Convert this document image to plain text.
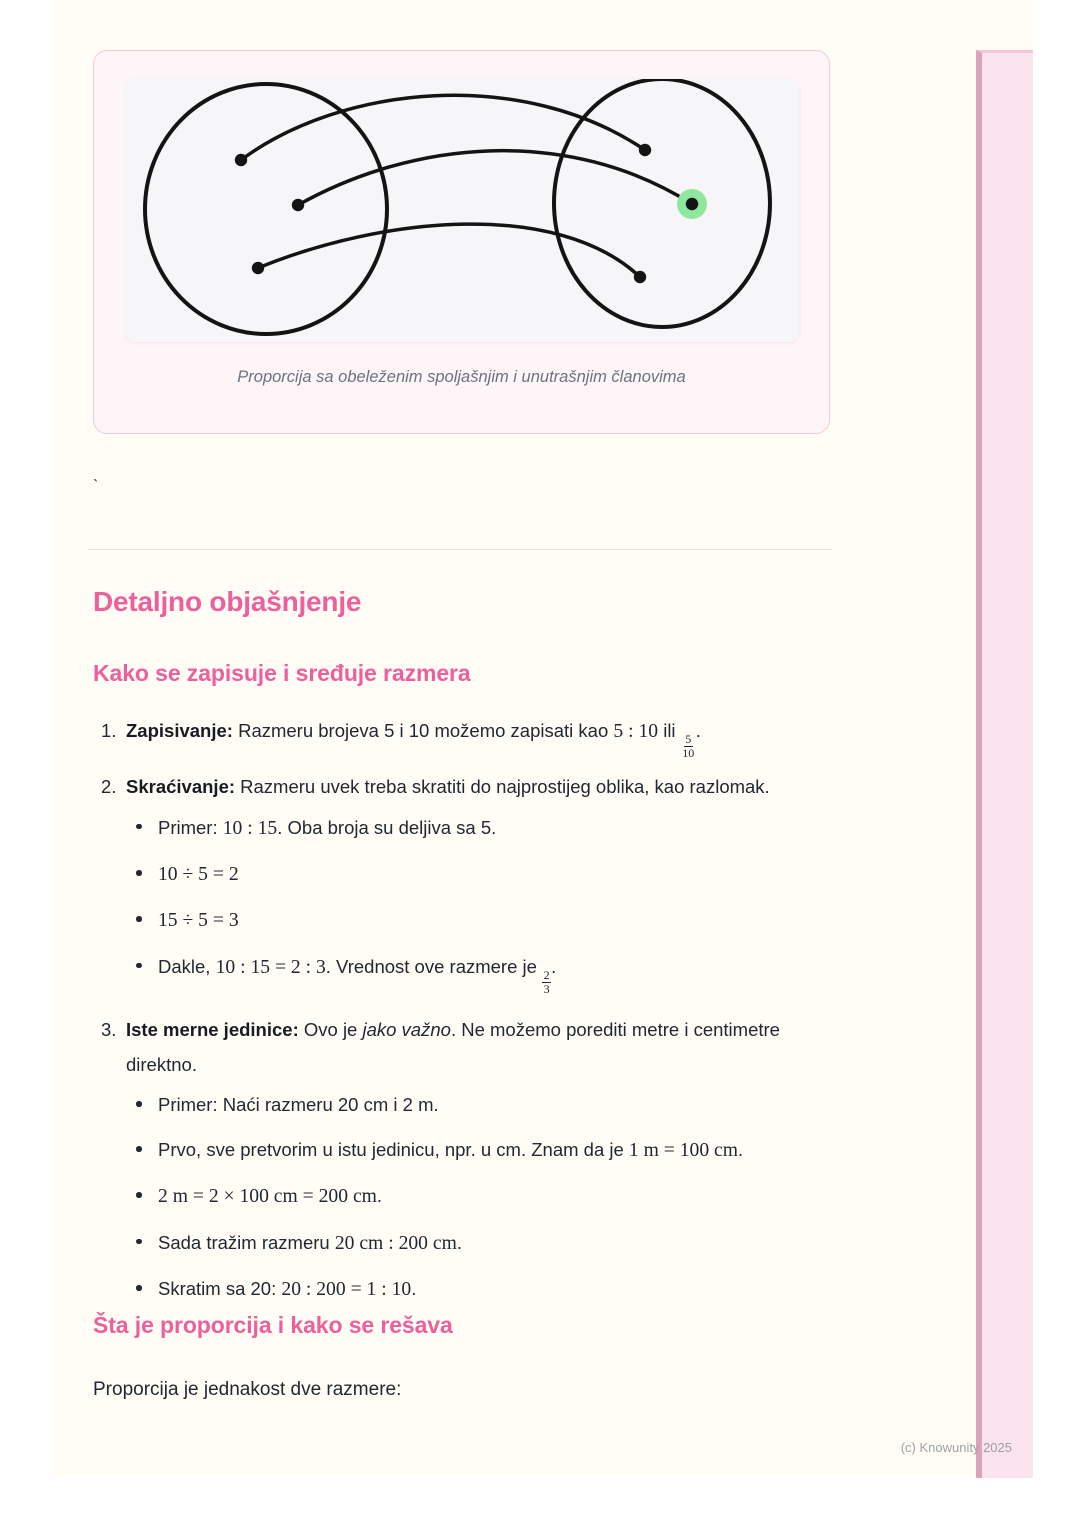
Proporcija sa obeleženim spoljašnjim i unutrašnjim članovima
`
Detaljno objašnjenje
Kako se zapisuje i sređuje razmera
1. Zapisivanje: Razmeru brojeva 5 i 10 možemo zapisati kao 5 : 10 ili
$\frac{5}{10}$
.
2. Skraćivanje: Razmeru uvek treba skratiti do najprostijeg oblika, kao razlomak.
Primer: 10 : 15. Oba broja su deljiva sa 5.
10 ÷ 5 = 2
15 ÷ 5 = 3
Dakle, 10 : 15 = 2 : 3. Vrednost ove razmere je
$\frac{2}{3}$
.
3. Iste merne jedinice: Ovo je jako važno. Ne možemo porediti metre i centimetre direktno.
Primer: Naći razmeru 20 cm i 2 m.
Prvo, sve pretvorim u istu jedinicu, npr. u cm. Znam da je 1 m = 100 cm.
2 m = 2 × 100 cm = 200 cm.
Sada tražim razmeru 20 cm : 200 cm.
Skratim sa 20: 20 : 200 = 1 : 10.
Šta je proporcija i kako se rešava

Proporcija je jednakost dve razmere:

(c) Knowunity 2025
